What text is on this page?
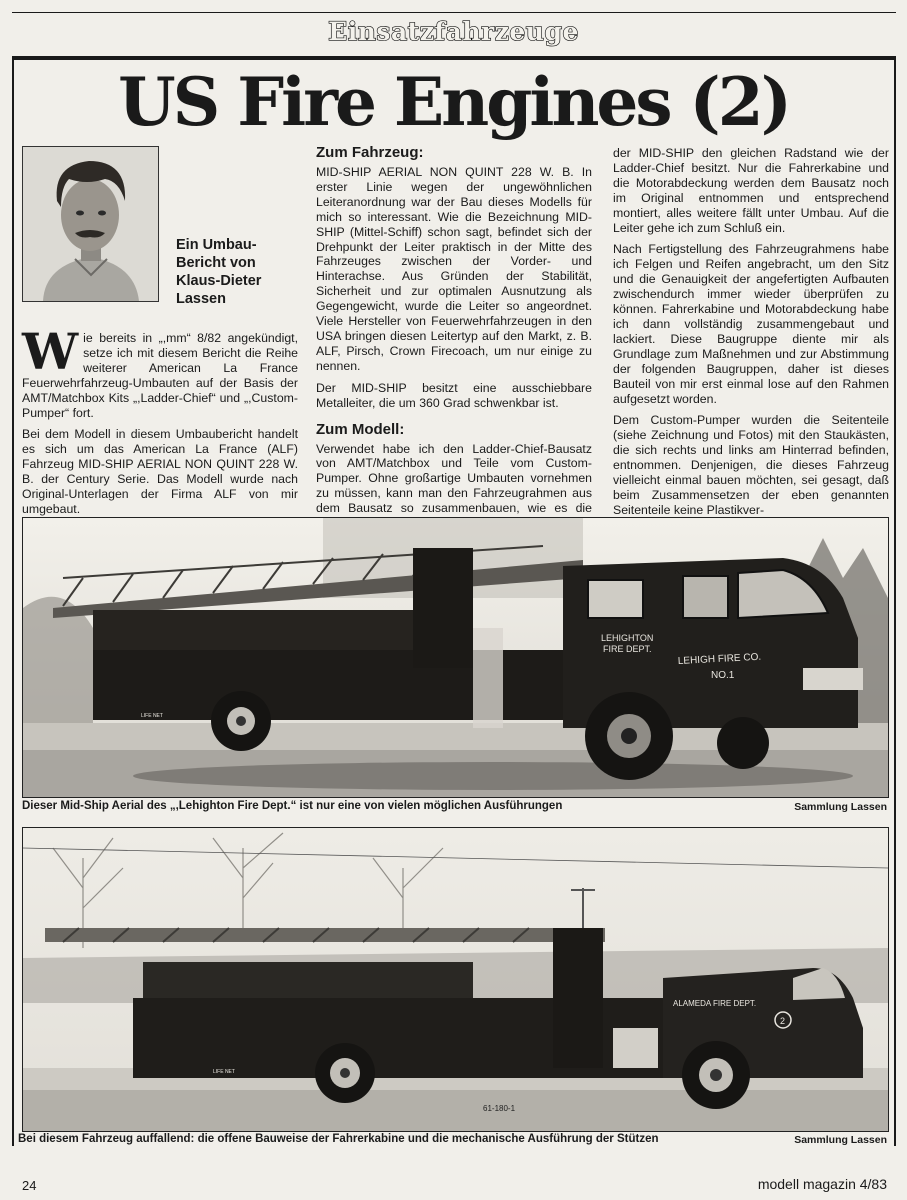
Einsatzfahrzeuge
US Fire Engines (2)
Ein Umbau-
Bericht von
Klaus-Dieter
Lassen

Wie bereits in „,mm“ 8/82 angekündigt, setze ich mit diesem Bericht die Reihe weiterer American La France Feuerwehrfahrzeug-Umbauten auf der Basis der AMT/Matchbox Kits „,Ladder-Chief“ und „,Custom-Pumper“ fort.

Bei dem Modell in diesem Umbaubericht handelt es sich um das American La France (ALF) Fahrzeug MID-SHIP AERIAL NON QUINT 228 W. B. der Century Serie. Das Modell wurde nach Original-Unterlagen der Firma ALF von mir umgebaut.

Zum Fahrzeug:

MID-SHIP AERIAL NON QUINT 228 W. B. In erster Linie wegen der ungewöhnlichen Leiteranordnung war der Bau dieses Modells für mich so interessant. Wie die Bezeichnung MID-SHIP (Mittel-Schiff) schon sagt, befindet sich der Drehpunkt der Leiter praktisch in der Mitte des Fahrzeuges zwischen der Vorder- und Hinterachse. Aus Gründen der Stabilität, Sicherheit und zur optimalen Ausnutzung als Gegengewicht, wurde die Leiter so angeordnet. Viele Hersteller von Feuerwehrfahrzeugen in den USA bringen diesen Leitertyp auf den Markt, z. B. ALF, Pirsch, Crown Firecoach, um nur einige zu nennen.

Der MID-SHIP besitzt eine ausschiebbare Metalleiter, die um 360 Grad schwenkbar ist.

Zum Modell:

Verwendet habe ich den Ladder-Chief-Bausatz von AMT/Matchbox und Teile vom Custom-Pumper. Ohne großartige Umbauten vornehmen zu müssen, kann man den Fahrzeugrahmen aus dem Bausatz so zusammenbauen, wie es die

der MID-SHIP den gleichen Radstand wie der Ladder-Chief besitzt. Nur die Fahrerkabine und die Motorabdeckung werden dem Bausatz noch im Original entnommen und entsprechend montiert, alles weitere fällt unter Umbau. Auf die Leiter gehe ich zum Schluß ein.

Nach Fertigstellung des Fahrzeugrahmens habe ich Felgen und Reifen angebracht, um den Sitz und die Genauigkeit der angefertigten Aufbauten zwischendurch immer wieder überprüfen zu können. Fahrerkabine und Motorabdeckung habe ich dann vollständig zusammengebaut und lackiert. Diese Baugruppe diente mir als Grundlage zum Maßnehmen und zur Abstimmung der folgenden Baugruppen, daher ist dieses Bauteil von mir erst einmal lose auf den Rahmen aufgesetzt worden.

Dem Custom-Pumper wurden die Seitenteile (siehe Zeichnung und Fotos) mit den Staukästen, die sich rechts und links am Hinterrad befinden, entnommen. Denjenigen, die dieses Fahrzeug vielleicht einmal bauen möchten, sei gesagt, daß beim Zusammensetzen der eben genannten Seitenteile keine Plastikver-

LEHIGHTON
FIRE DEPT.
LEHIGH FIRE CO.
NO.1
LIFE NET
Dieser Mid-Ship Aerial des „,Lehighton Fire Dept.“ ist nur eine von vielen möglichen Ausführungen	Sammlung Lassen
ALAMEDA FIRE DEPT.
2
LIFE NET
61-180-1
Bei diesem Fahrzeug auffallend: die offene Bauweise der Fahrerkabine und die mechanische Ausführung der Stützen	Sammlung Lassen
24	modell magazin 4/83
